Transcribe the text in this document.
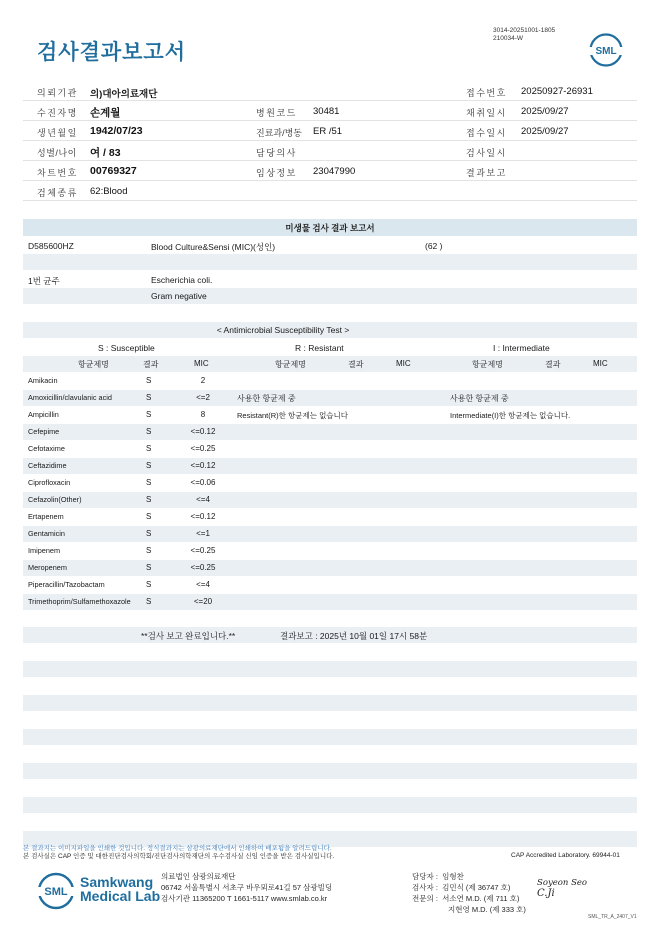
검사결과보고서
3014-20251001-1805
210034-W
SML
의뢰기관 의)대아의료재단	접수번호 20250927-26931
수진자명 손계월	병원코드 30481	채취일시 2025/09/27
생년월일 1942/07/23	진료과/병동 ER /51	접수일시 2025/09/27
성별/나이 여 / 83	담당의사	검사일시
차트번호 00769327	임상정보 23047990	결과보고
검체종류 62:Blood
미생물 검사 결과 보고서
D585600HZ	Blood Culture&Sensi (MIC)(성인)	(62 )
1번 균주	Escherichia coli.
Gram negative
< Antimicrobial Susceptibility Test >
S : Susceptible	R : Resistant	I : Intermediate
항균제명	결과	MIC	항균제명	결과	MIC	항균제명	결과	MIC
Amikacin	S	2
Amoxicillin/clavulanic acid	S	<=2	사용한 항균제 중	사용한 항균제 중
Ampicillin	S	8	Resistant(R)한 항균제는 없습니다	Intermediate(I)한 항균제는 없습니다.
Cefepime	S	<=0.12
Cefotaxime	S	<=0.25
Ceftazidime	S	<=0.12
Ciprofloxacin	S	<=0.06
Cefazolin(Other)	S	<=4
Ertapenem	S	<=0.12
Gentamicin	S	<=1
Imipenem	S	<=0.25
Meropenem	S	<=0.25
Piperacillin/Tazobactam	S	<=4
Trimethoprim/Sulfamethoxazole S	<=20
**검사 보고 완료입니다.**	결과보고 : 2025년 10월 01일 17시 58분
본 결과지는 이미지파일을 인쇄한 것입니다. 정식결과지는 삼광의료재단에서 인쇄하여 배포됨을 알려드립니다.
본 검사실은 CAP 인증 및 대한진단검사의학회/진단검사의학재단의 우수검사실 신임 인증을 받은 검사실입니다.	CAP Accredited Laboratory. 69944-01
SML
Samkwang
Medical Lab
의료법인 삼광의료재단
06742 서울특별시 서초구 바우뫼로41길 57 삼광빌딩
검사기관 11365200 T 1661-5117 www.smlab.co.kr
담당자 : 임형찬
검사자 : 김민식 (제 36747 호)
전문의 : 서소연 M.D. (제 711 호)
지현영 M.D. (제 333 호)
Soyeon Seo
C.Ji
SML_TR_A_2407_V1
